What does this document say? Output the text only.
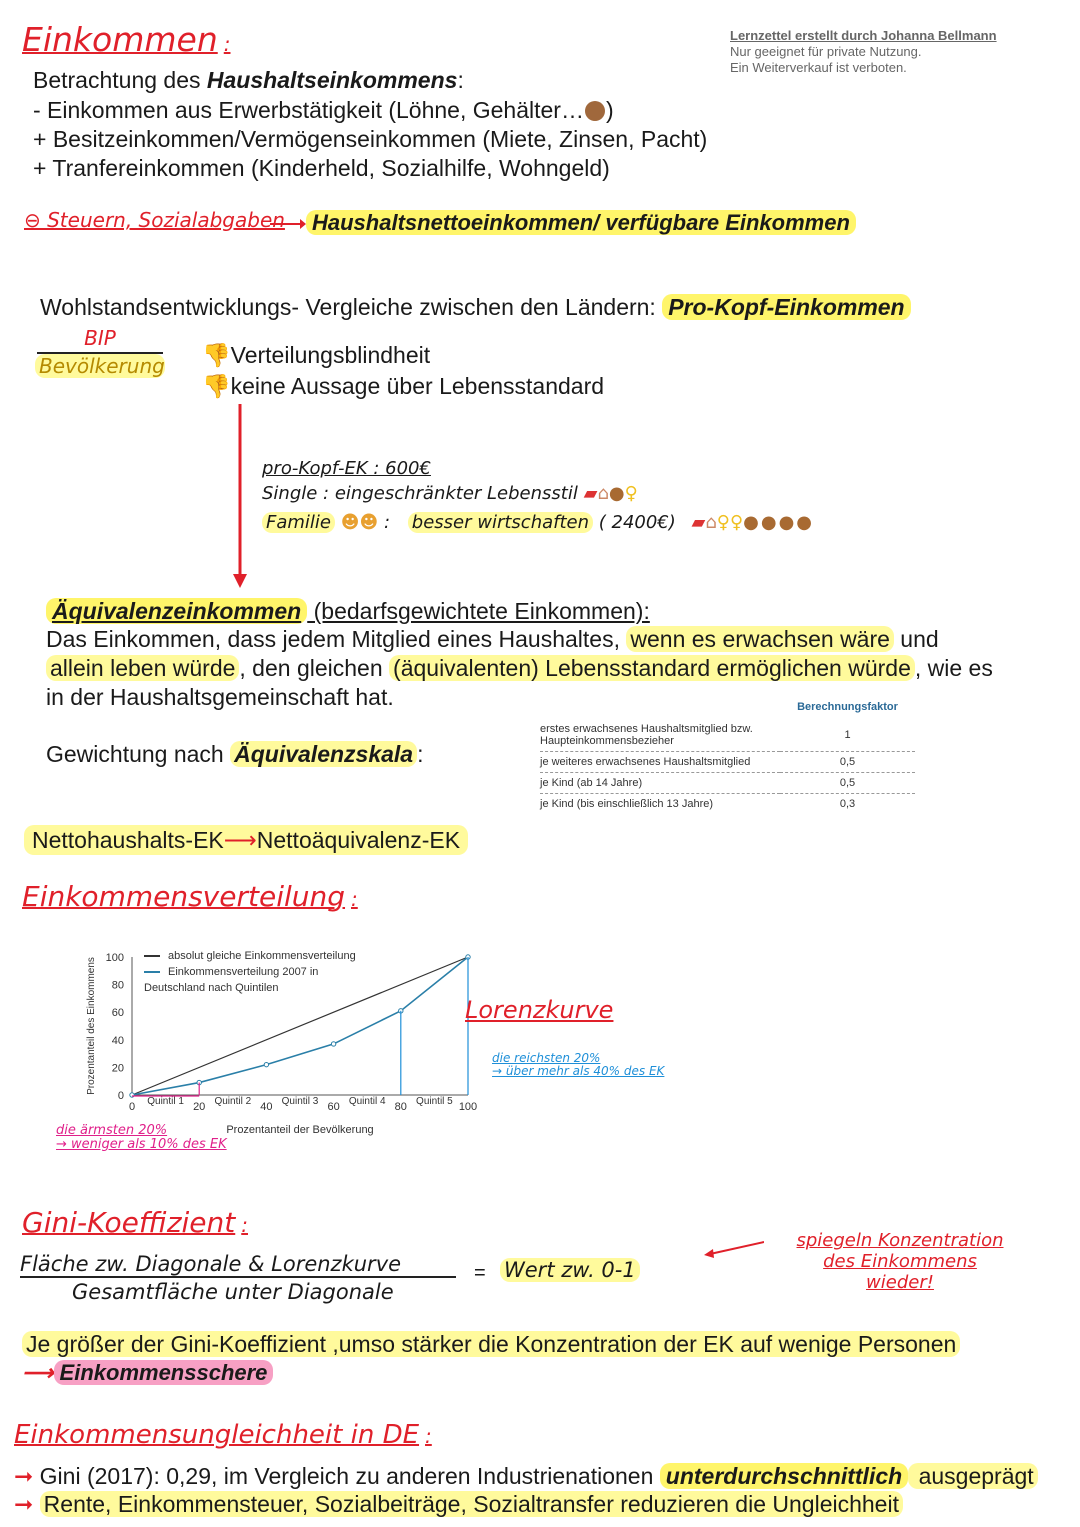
Lernzettel erstellt durch Johanna Bellmann
Nur geeignet für private Nutzung.
Ein Weiterverkauf ist verboten.
Einkommen :
Betrachtung des Haushaltseinkommens:
- Einkommen aus Erwerbstätigkeit (Löhne, Gehälter… )
+ Besitzeinkommen/Vermögenseinkommen (Miete, Zinsen, Pacht)
+ Tranfereinkommen (Kinderheld, Sozialhilfe, Wohngeld)
⊖ Steuern, Sozialabgaben Haushaltsnettoeinkommen/ verfügbare Einkommen
Wohlstandsentwicklungs- Vergleiche zwischen den Ländern: Pro-Kopf-Einkommen
BIP
Bevölkerung 👎Verteilungsblindheit
👎keine Aussage über Lebensstandard
pro-Kopf-EK : 600€
Single : eingeschränkter Lebensstil ▰⌂●♀
Familie ☻☻ : besser wirtschaften ( 2400€) ▰⌂♀♀●●●●
Äquivalenzeinkommen (bedarfsgewichtete Einkommen):
Das Einkommen, dass jedem Mitglied eines Haushaltes, wenn es erwachsen wäre und
allein leben würde , den gleichen (äquivalenten) Lebensstandard ermöglichen würde , wie es
in der Haushaltsgemeinschaft hat.
Gewichtung nach Äquivalenzskala :
Nettohaushalts-EK⟶Nettoäquivalenz-EK
	Berechnungsfaktor
erstes erwachsenes Haushaltsmitglied bzw. Haupteinkommensbezieher	1
je weiteres erwachsenes Haushaltsmitglied	0,5
je Kind (ab 14 Jahre)	0,5
je Kind (bis einschließlich 13 Jahre)	0,3
Einkommensverteilung :
0
20
40
60
80
100
0	20	40	60	80	100
Quintil 1	Quintil 2	Quintil 3	Quintil 4	Quintil 5
Prozentanteil des Einkommens
Prozentanteil der Bevölkerung
absolut gleiche Einkommensverteilung
Einkommensverteilung 2007 in Deutschland nach Quintilen
Lorenzkurve
die reichsten 20%
→ über mehr als 40% des EK
die ärmsten 20%
→ weniger als 10% des EK
Gini-Koeffizient :
Fläche zw. Diagonale & Lorenzkurve
Gesamtfläche unter Diagonale
= Wert zw. 0-1
spiegeln Konzentration
des Einkommens
wieder!
Je größer der Gini-Koeffizient ,umso stärker die Konzentration der EK auf wenige Personen
⟶ Einkommensschere
Einkommensungleichheit in DE :
➞ Gini (2017): 0,29, im Vergleich zu anderen Industrienationen unterdurchschnittlich ausgeprägt
➞ Rente, Einkommensteuer, Sozialbeiträge, Sozialtransfer reduzieren die Ungleichheit
